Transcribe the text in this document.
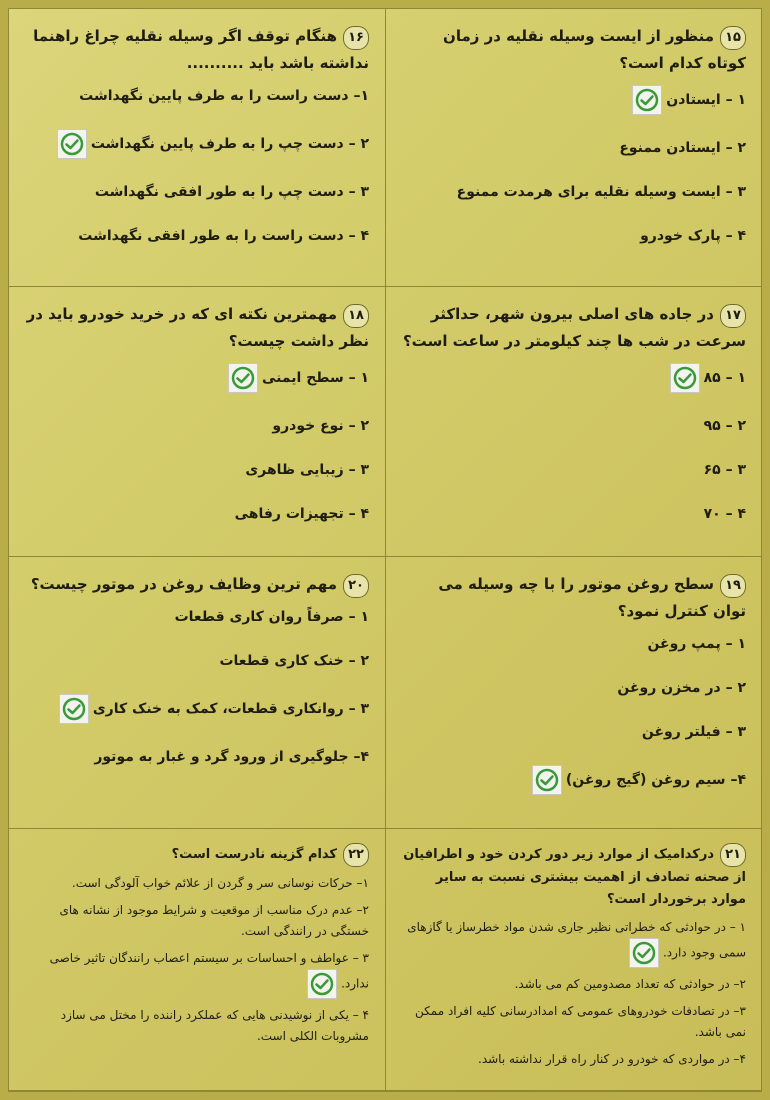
۱۶هنگام توقف اگر وسیله نقلیه چراغ راهنما نداشته باشد باید ..........
۱– دست راست را به طرف پایین نگهداشت
۲ – دست چپ را به طرف پایین نگهداشت
۳ – دست چپ را به طور افقی نگهداشت
۴ – دست راست را به طور افقی نگهداشت
۱۵منظور از ایست وسیله نقلیه در زمان کوتاه کدام است؟
۱ – ایستادن
۲ – ایستادن ممنوع
۳ – ایست وسیله نقلیه برای هرمدت ممنوع
۴ – پارک خودرو
۱۸مهمترین نکته ای که در خرید خودرو باید در نظر داشت چیست؟
۱ – سطح ایمنی
۲ – نوع خودرو
۳ – زیبایی ظاهری
۴ – تجهیزات رفاهی
۱۷در جاده های اصلی بیرون شهر، حداکثر سرعت در شب ها چند کیلومتر در ساعت است؟
۱ – ۸۵
۲ – ۹۵
۳ – ۶۵
۴ – ۷۰
۲۰مهم ترین وظایف روغن در موتور چیست؟
۱ – صرفاً روان کاری قطعات
۲ – خنک کاری قطعات
۳ – روانکاری قطعات، کمک به خنک کاری
۴– جلوگیری از ورود گرد و غبار به موتور
۱۹سطح روغن موتور را با چه وسیله می توان کنترل نمود؟
۱ – پمپ روغن
۲ – در مخزن روغن
۳ – فیلتر روغن
۴– سیم روغن (گیج روغن)
۲۲کدام گزینه نادرست است؟
۱– حرکات نوسانی سر و گردن از علائم خواب آلودگی است.
۲– عدم درک مناسب از موقعیت و شرایط موجود از نشانه های خستگی در رانندگی است.
۳ – عواطف و احساسات بر سیستم اعصاب رانندگان تاثیر خاصی ندارد.
۴ – یکی از نوشیدنی هایی که عملکرد راننده را مختل می سازد مشروبات الکلی است.
۲۱درکدامیک از موارد زیر دور کردن خود و اطرافیان از صحنه تصادف از اهمیت بیشتری نسبت به سایر موارد برخوردار است؟
۱ – در حوادثی که خطراتی نظیر جاری شدن مواد خطرساز یا گازهای سمی وجود دارد.
۲– در حوادثی که تعداد مصدومین کم می باشد.
۳– در تصادفات خودروهای عمومی که امدادرسانی کلیه افراد ممکن نمی باشد.
۴– در مواردی که خودرو در کنار راه قرار نداشته باشد.
